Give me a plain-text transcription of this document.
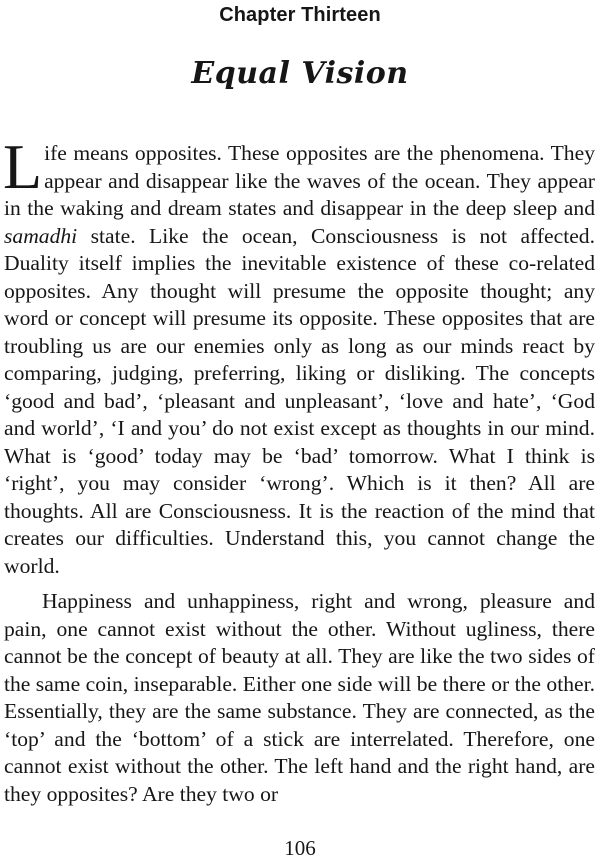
Chapter Thirteen
Equal Vision

Life means opposites. These opposites are the phenomena. They appear and disappear like the waves of the ocean. They appear in the waking and dream states and disappear in the deep sleep and samadhi state. Like the ocean, Consciousness is not affected. Duality itself implies the inevitable existence of these co-related opposites. Any thought will presume the opposite thought; any word or concept will presume its opposite. These opposites that are troubling us are our enemies only as long as our minds react by comparing, judging, preferring, liking or disliking. The concepts ‘good and bad’, ‘pleasant and unpleasant’, ‘love and hate’, ‘God and world’, ‘I and you’ do not exist except as thoughts in our mind. What is ‘good’ today may be ‘bad’ tomorrow. What I think is ‘right’, you may consider ‘wrong’. Which is it then? All are thoughts. All are Consciousness. It is the reaction of the mind that creates our difficulties. Understand this, you cannot change the world.

Happiness and unhappiness, right and wrong, pleasure and pain, one cannot exist without the other. Without ugliness, there cannot be the concept of beauty at all. They are like the two sides of the same coin, inseparable. Either one side will be there or the other. Essentially, they are the same substance. They are connected, as the ‘top’ and the ‘bottom’ of a stick are interrelated. Therefore, one cannot exist without the other. The left hand and the right hand, are they opposites? Are they two or

106
